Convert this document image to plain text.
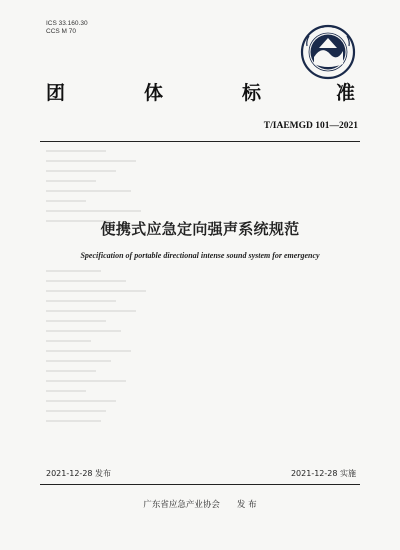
ICS 33.160.30
CCS M 70
团	体	标	准
T/IAEMGD 101—2021
便携式应急定向强声系统规范
Specification of portable directional intense sound system for emergency
2021-12-28 发布	2021-12-28 实施
广东省应急产业协会　　发 布
